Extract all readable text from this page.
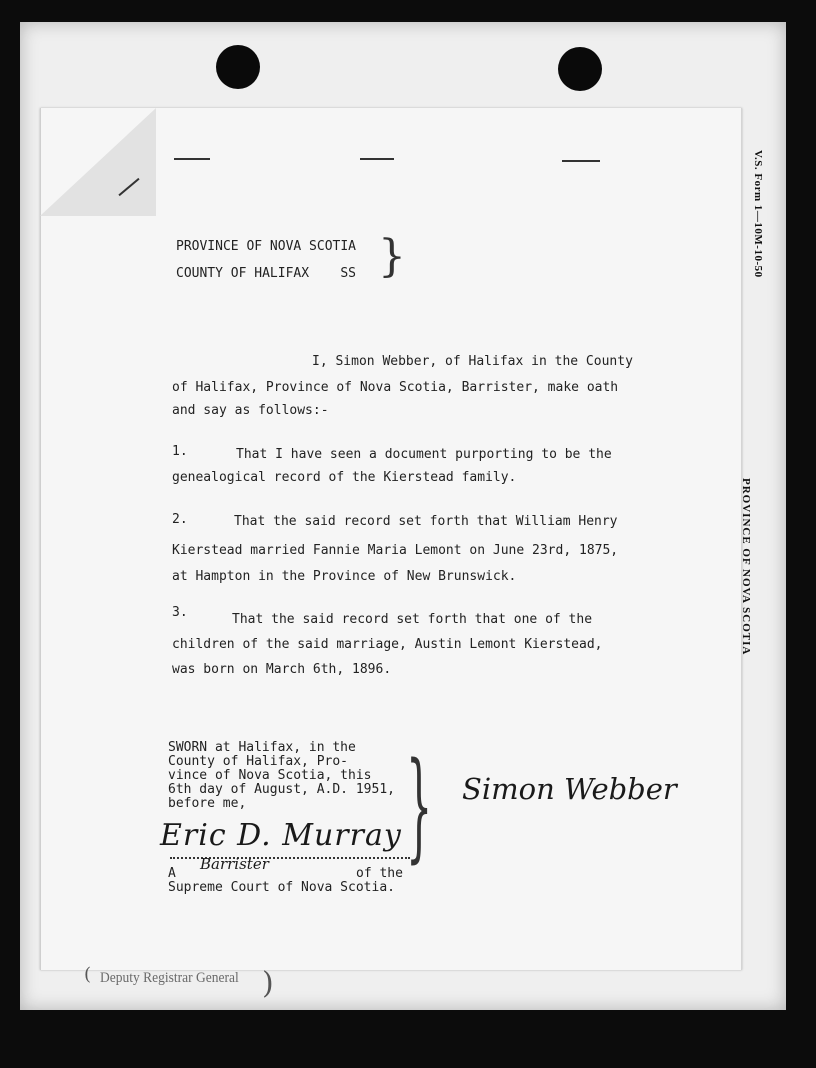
V.S. Form 1—10M-10-50
PROVINCE OF NOVA SCOTIA
PROVINCE OF NOVA SCOTIA
COUNTY OF HALIFAX    SS }
I, Simon Webber, of Halifax in the County
of Halifax, Province of Nova Scotia, Barrister, make oath
and say as follows:-
1.	That I have seen a document purporting to be the
genealogical record of the Kierstead family.
2.	That the said record set forth that William Henry
Kierstead married Fannie Maria Lemont on June 23rd, 1875,
at Hampton in the Province of New Brunswick.
3.	That the said record set forth that one of the
children of the said marriage, Austin Lemont Kierstead,
was born on March 6th, 1896.
SWORN at Halifax, in the
County of Halifax, Pro-
vince of Nova Scotia, this
6th day of August, A.D. 1951,
before me, }
Eric D. Murray
A
Barrister
of the
Supreme Court of Nova Scotia.
Simon Webber
Deputy Registrar General )
(
